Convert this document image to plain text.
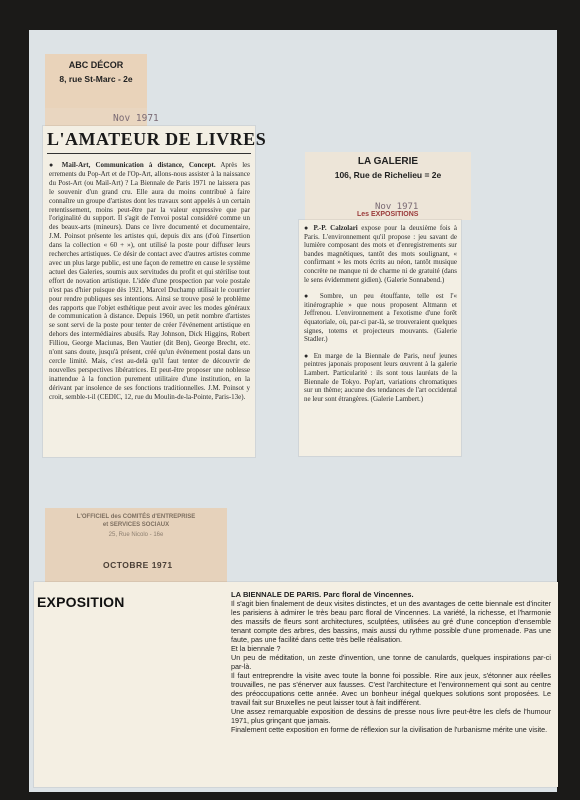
ABC DÉCOR
8, rue St-Marc - 2e
Nov 1971
L'AMATEUR DE LIVRES

● Mail-Art, Communication à distance, Concept. Après les errements du Pop-Art et de l'Op-Art, allons-nous assister à la naissance du Post-Art (ou Mail-Art) ? La Biennale de Paris 1971 ne laissera pas le souvenir d'un grand cru. Elle aura du moins contribué à faire connaître un groupe d'artistes dont les travaux sont appelés à un certain retentissement, moins peut-être par la valeur expressive que par l'originalité du support. Il s'agit de l'envoi postal considéré comme un des beaux-arts (mineurs). Dans ce livre documenté et documentaire, J.M. Poinsot présente les artistes qui, depuis dix ans (d'où l'insertion dans la collection « 60 + »), ont utilisé la poste pour diffuser leurs recherches artistiques. Ce désir de contact avec d'autres artistes comme avec un plus large public, est une façon de remettre en cause le système actuel des Galeries, soumis aux servitudes du profit et qui stérilise tout effort de novation artistique. L'idée d'une prospection par voie postale n'est pas d'hier puisque dès 1921, Marcel Duchamp utilisait le courrier pour rendre publiques ses intentions. Ainsi se trouve posé le problème des rapports que l'objet esthétique peut avoir avec les modes généraux de communication à distance. Depuis 1960, un petit nombre d'artistes se sont servi de la poste pour tenter de créer l'événement artistique en dehors des intermédiaires abusifs. Ray Johnson, Dick Higgins, Robert Filliou, George Maciunas, Ben Vautier (dit Ben), George Brecht, etc. n'ont sans doute, jusqu'à présent, créé qu'un événement postal dans un cercle limité. Mais, c'est au-delà qu'il faut tenter de découvrir de nouvelles perspectives libératrices. Et peut-être proposer une noblesse inattendue à la fonction purement utilitaire d'une institution, en la dérivant par insolence de ses fonctions traditionnelles. J.M. Poinsot y croit, semble-t-il (CEDIC, 12, rue du Moulin-de-la-Pointe, Paris-13e).

LA GALERIE
106, Rue de Richelieu = 2e
Nov 1971
Les EXPOSITIONS

● P.-P. Calzolari expose pour la deuxième fois à Paris. L'environnement qu'il propose : jeu savant de lumière composant des mots et d'enregistrements sur bandes magnétiques, tantôt des mots soulignant, « confirmant » les mots écrits au néon, tantôt musique concrète ne manque ni de charme ni de gratuité (dans le sens évidemment gidien). (Galerie Sonnabend.)

● Sombre, un peu étouffante, telle est l'« itinérographie » que nous proposent Altmann et Jeffrenou. L'environnement a l'exotisme d'une forêt équatoriale, où, par-ci par-là, se trouveraient quelques signes, totems et projecteurs mouvants. (Galerie Stadler.)

● En marge de la Biennale de Paris, neuf jeunes peintres japonais proposent leurs œuvrent à la galerie Lambert. Particularité : ils sont tous lauréats de la Biennale de Tokyo. Pop'art, variations chromatiques sur un thème; aucune des tendances de l'art occidental ne leur sont étrangères. (Galerie Lambert.)

L'OFFICIEL des COMITÉS d'ENTREPRISE
et SERVICES SOCIAUX
25, Rue Nicolo - 16e
OCTOBRE 1971
EXPOSITION	LA BIENNALE DE PARIS. Parc floral de Vincennes.

Il s'agit bien finalement de deux visites distinctes, et un des avantages de cette biennale est d'inciter les parisiens à admirer le très beau parc floral de Vincennes. La variété, la richesse, et l'harmonie des massifs de fleurs sont architectures, sculptées, utilisées au gré d'une conception d'ensemble tenant compte des arbres, des bassins, mais aussi du rythme possible d'une promenade. Pas une faute, pas une facilité dans cette très belle réalisation.

Et la biennale ?

Un peu de méditation, un zeste d'invention, une tonne de canulards, quelques inspirations par-ci par-là.

Il faut entreprendre la visite avec toute la bonne foi possible. Rire aux jeux, s'étonner aux réelles trouvailles, ne pas s'énerver aux fausses. C'est l'architecture et l'environnement qui sont au centre des préoccupations cette année. Avec un bonheur inégal quelques solutions sont proposées. Le travail fait sur Bruxelles ne peut laisser tout à fait indifférent.

Une assez remarquable exposition de dessins de presse nous livre peut-être les clefs de l'humour 1971, plus grinçant que jamais.

Finalement cette exposition en forme de réflexion sur la civilisation de l'urbanisme mérite une visite.
